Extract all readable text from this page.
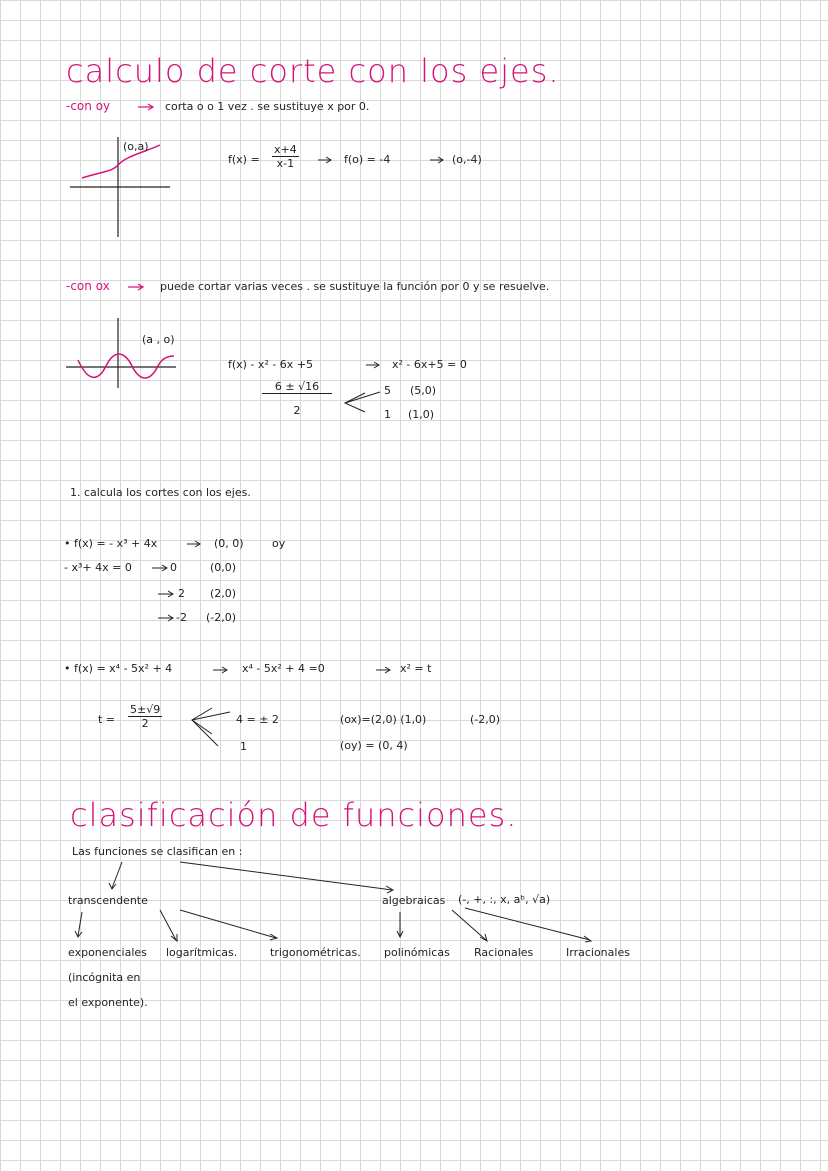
calculo de corte con los ejes.
-con oy	corta o o 1 vez . se sustituye x por 0.
(o,a)
$f(x) = \frac{x+4}{x-1}$	f(o) = -4	(o,-4)
-con ox	puede cortar varias veces . se sustituye la función por 0 y se resuelve.
(a , o)
f(x) - x² - 6x +5	x² - 6x+5 = 0
$\frac{6 \pm √16}{2}$	5 (5,0)
1 (1,0)
1. calcula los cortes con los ejes.
• f(x) = - x³ + 4x	(0, 0)	oy
- x³+ 4x = 0	0	(0,0)
2 (2,0)
-2 (-2,0)
• f(x) = x⁴ - 5x² + 4	x⁴ - 5x² + 4 =0	x² = t
$t = \frac{5\pm√9}{2}$	4 = ± 2
1
(ox)=(2,0) (1,0)	(-2,0)
(oy) = (0, 4)
clasificación de funciones.
Las funciones se clasifican en :
transcendente	algebraicas (-, +, :, x, aᵇ, √a)
exponenciales
(incógnita en
el exponente).
logarítmicas.	trigonométricas. polinómicas Racionales	Irracionales
